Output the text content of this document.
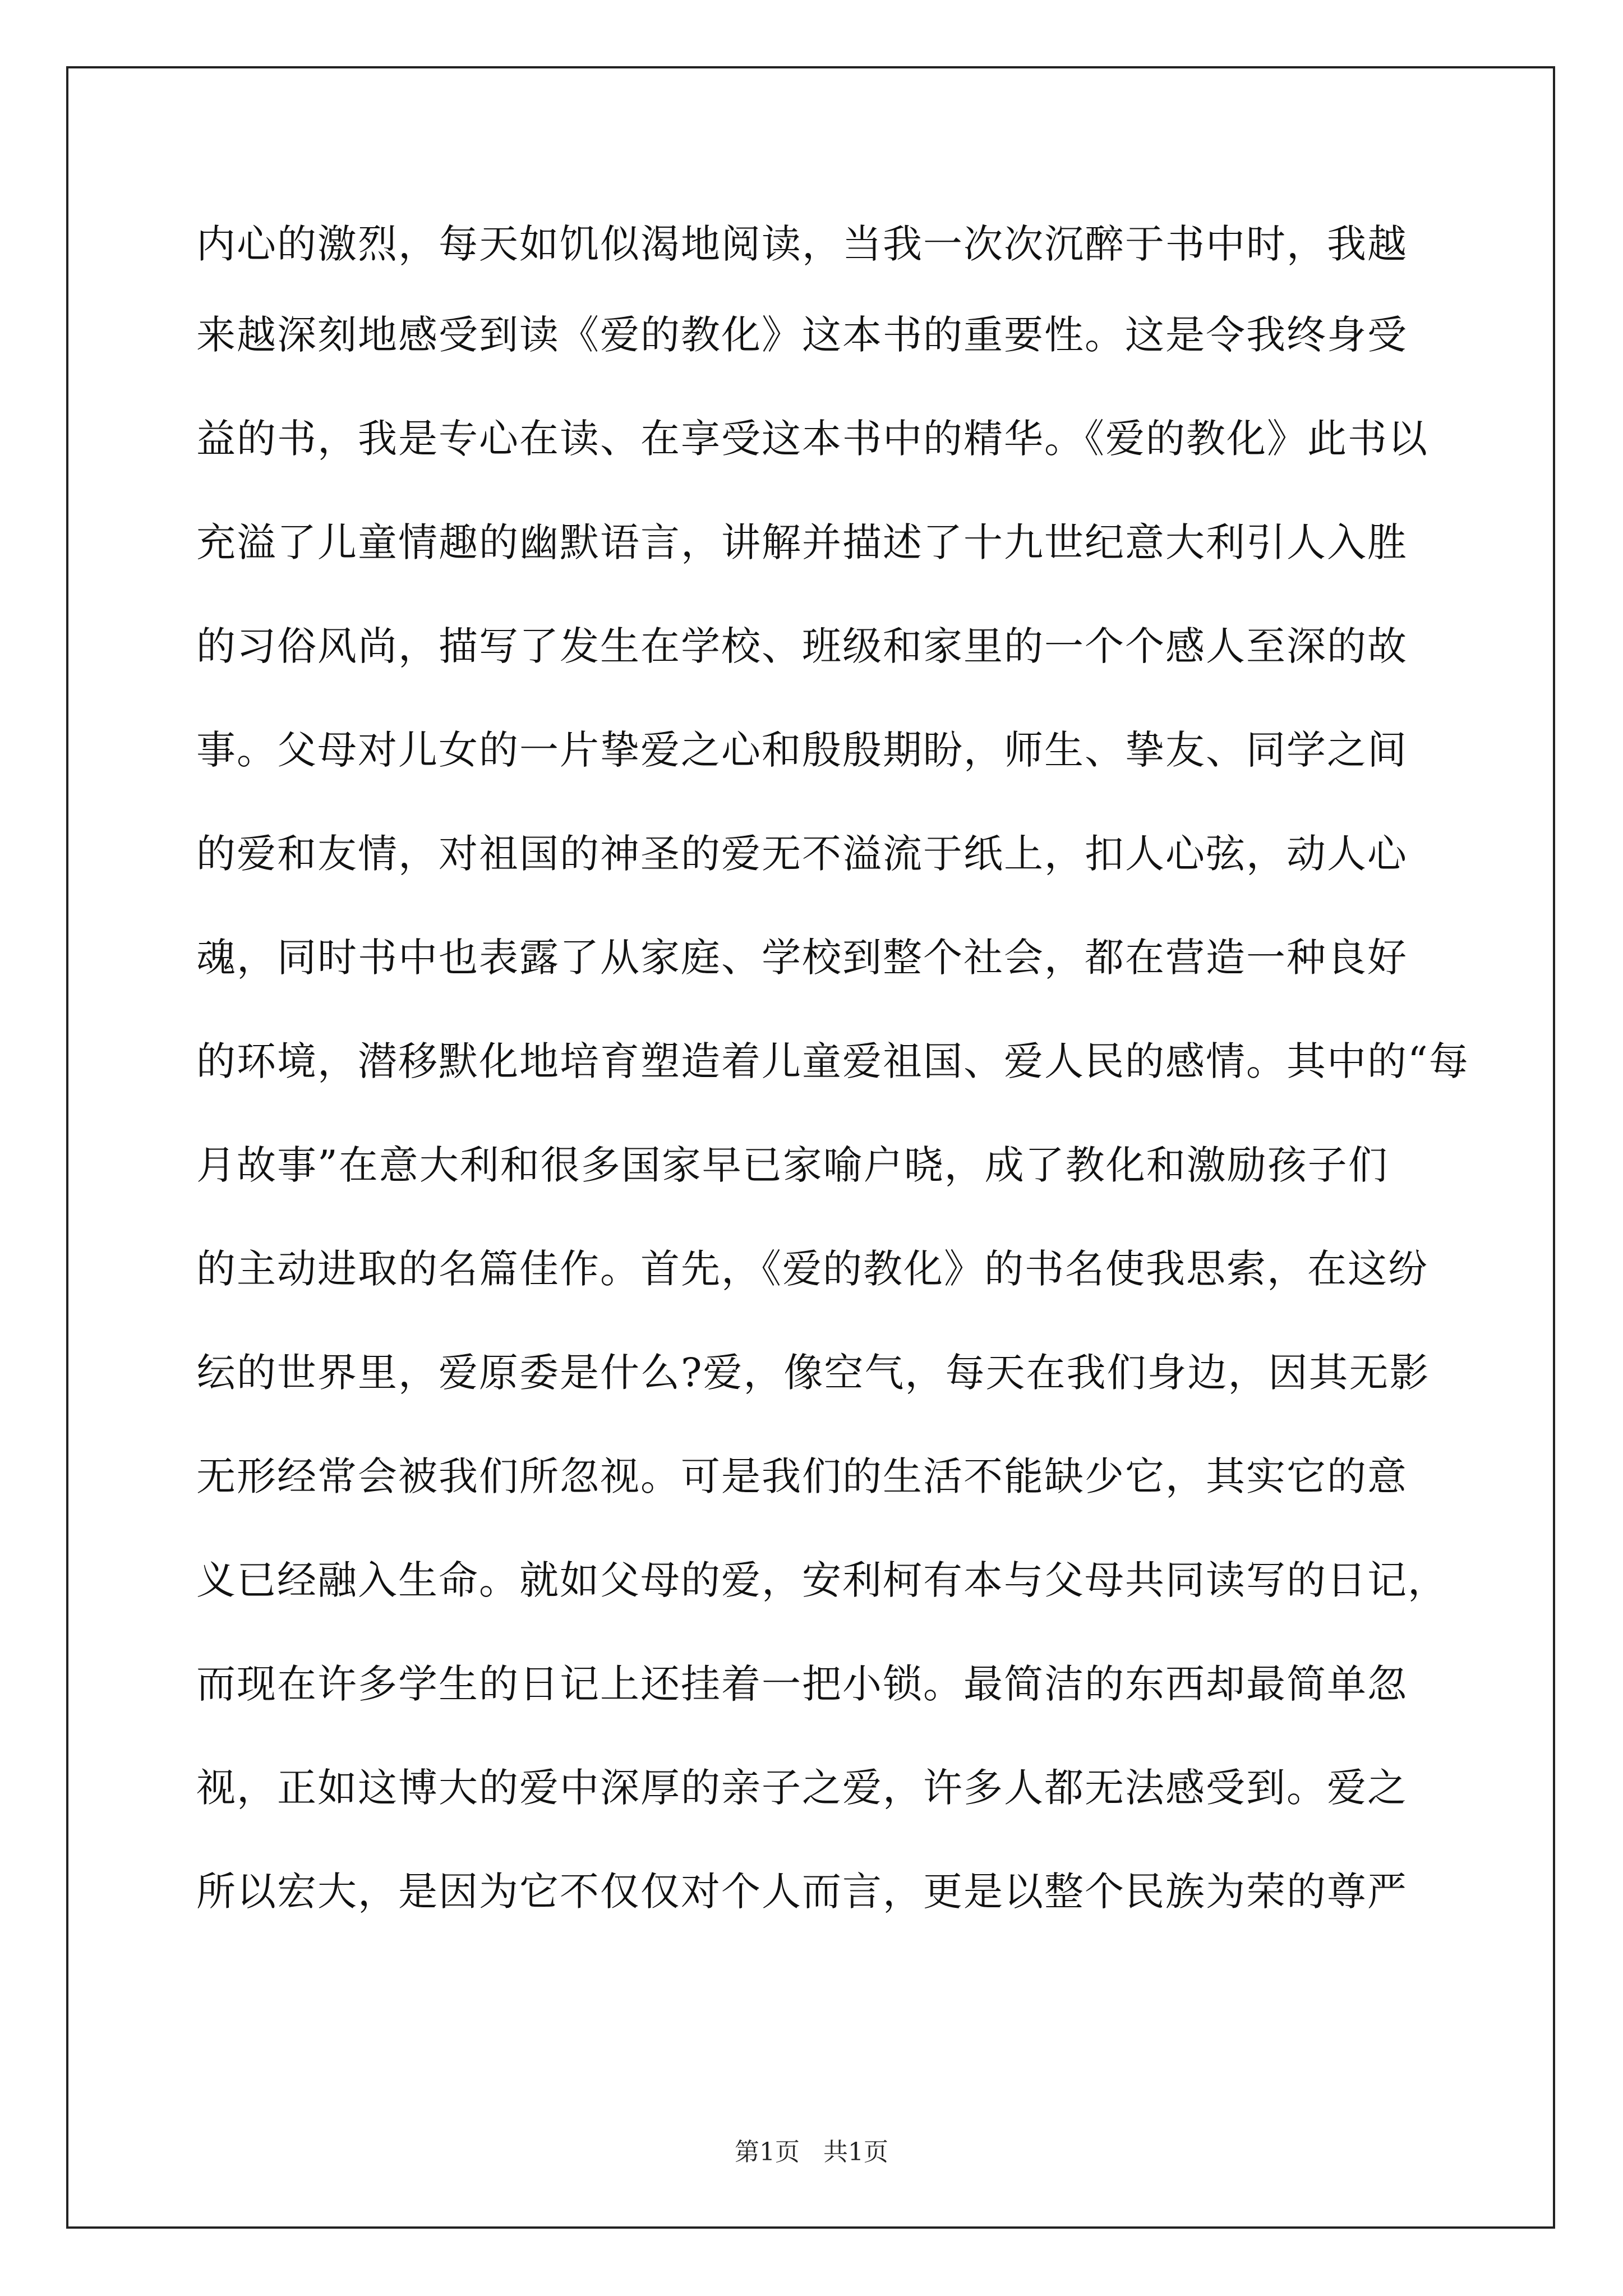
内心的激烈，每天如饥似渴地阅读，当我一次次沉醉于书中时，我越

来越深刻地感受到读《爱的教化》这本书的重要性。这是令我终身受

益的书，我是专心在读、在享受这本书中的精华。《爱的教化》此书以

充溢了儿童情趣的幽默语言，讲解并描述了十九世纪意大利引人入胜

的习俗风尚，描写了发生在学校、班级和家里的一个个感人至深的故

事。父母对儿女的一片挚爱之心和殷殷期盼，师生、挚友、同学之间

的爱和友情，对祖国的神圣的爱无不溢流于纸上，扣人心弦，动人心

魂，同时书中也表露了从家庭、学校到整个社会，都在营造一种良好

的环境，潜移默化地培育塑造着儿童爱祖国、爱人民的感情。其中的“每

月故事”在意大利和很多国家早已家喻户晓，成了教化和激励孩子们

的主动进取的名篇佳作。首先，《爱的教化》的书名使我思索，在这纷

纭的世界里，爱原委是什么?爱，像空气，每天在我们身边，因其无影

无形经常会被我们所忽视。可是我们的生活不能缺少它，其实它的意

义已经融入生命。就如父母的爱，安利柯有本与父母共同读写的日记，

而现在许多学生的日记上还挂着一把小锁。最简洁的东西却最简单忽

视，正如这博大的爱中深厚的亲子之爱，许多人都无法感受到。爱之

所以宏大，是因为它不仅仅对个人而言，更是以整个民族为荣的尊严

第1页 共1页
